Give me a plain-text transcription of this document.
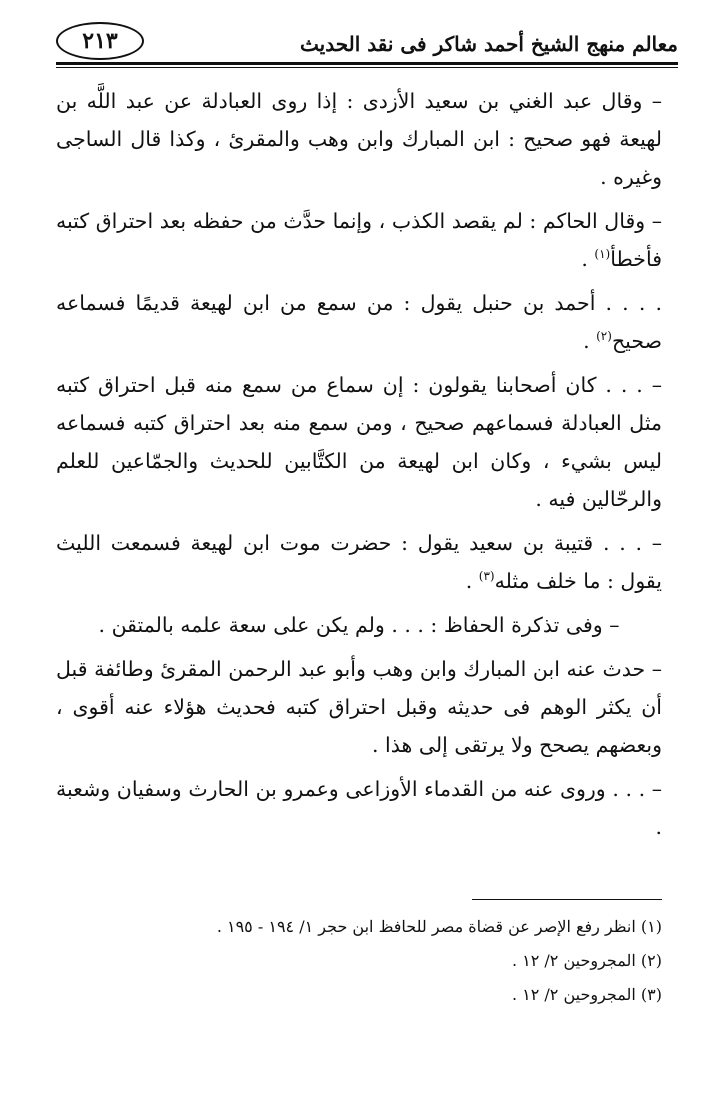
معالم منهج الشيخ أحمد شاكر فى نقد الحديث
٢١٣

– وقال عبد الغني بن سعيد الأزدى : إذا روى العبادلة عن عبد اللَّه بن لهيعة فهو صحيح : ابن المبارك وابن وهب والمقرئ ، وكذا قال الساجى وغيره .

– وقال الحاكم : لم يقصد الكذب ، وإنما حدَّث من حفظه بعد احتراق كتبه فأخطأ$^{(١)}$ .

. . . . أحمد بن حنبل يقول : من سمع من ابن لهيعة قديمًا فسماعه صحيح$^{(٢)}$ .

– . . . كان أصحابنا يقولون : إن سماع من سمع منه قبل احتراق كتبه مثل العبادلة فسماعهم صحيح ، ومن سمع منه بعد احتراق كتبه فسماعه ليس بشيء ، وكان ابن لهيعة من الكتَّابين للحديث والجمّاعين للعلم والرحّالين فيه .

– . . . قتيبة بن سعيد يقول : حضرت موت ابن لهيعة فسمعت الليث يقول : ما خلف مثله$^{(٣)}$ .

– وفى تذكرة الحفاظ : . . . ولم يكن على سعة علمه بالمتقن .

– حدث عنه ابن المبارك وابن وهب وأبو عبد الرحمن المقرئ وطائفة قبل أن يكثر الوهم فى حديثه وقبل احتراق كتبه فحديث هؤلاء عنه أقوى ، وبعضهم يصحح ولا يرتقى إلى هذا .

– . . . وروى عنه من القدماء الأوزاعى وعمرو بن الحارث وسفيان وشعبة .

(١) انظر رفع الإصر عن قضاة مصر للحافظ ابن حجر ١/ ١٩٤ - ١٩٥ .

(٢) المجروحين ٢/ ١٢ .

(٣) المجروحين ٢/ ١٢ .
